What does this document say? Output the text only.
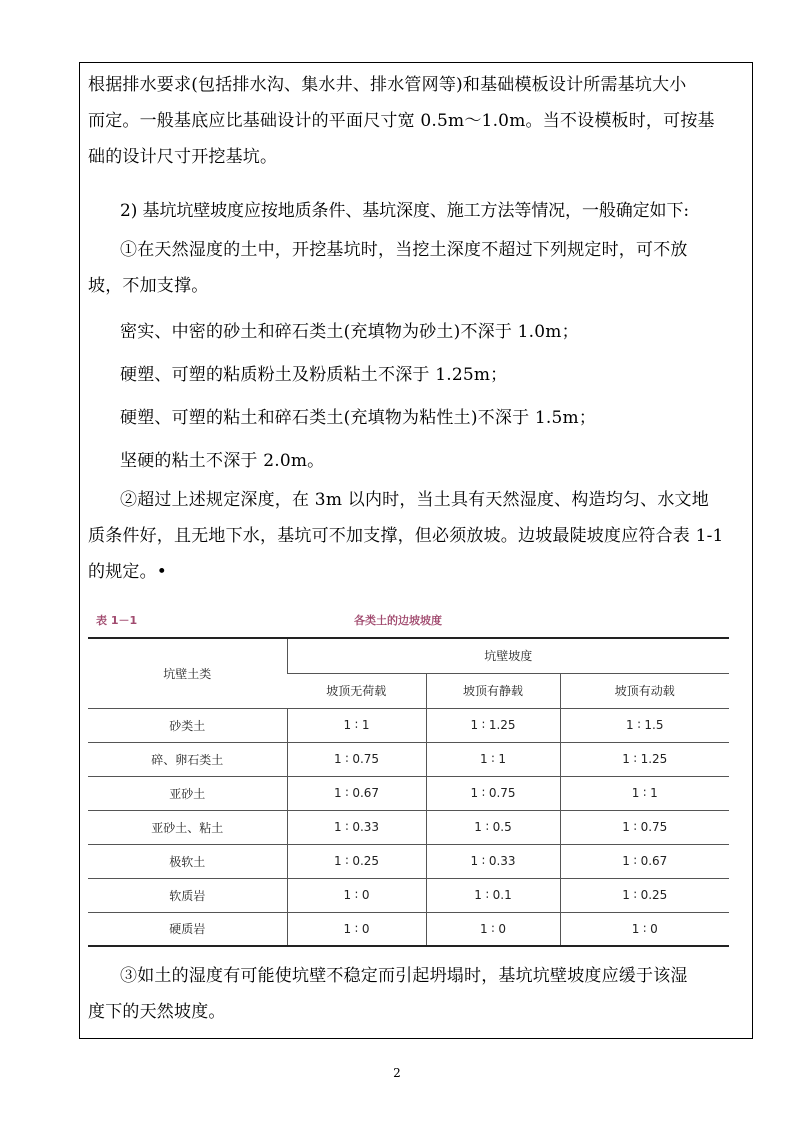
根据排水要求(包括排水沟、集水井、排水管网等)和基础模板设计所需基坑大小
而定。一般基底应比基础设计的平面尺寸宽 0.5m～1.0m。当不设模板时，可按基
础的设计尺寸开挖基坑。
2) 基坑坑壁坡度应按地质条件、基坑深度、施工方法等情况，一般确定如下:
①在天然湿度的土中，开挖基坑时，当挖土深度不超过下列规定时，可不放
坡，不加支撑。
密实、中密的砂土和碎石类土(充填物为砂土)不深于 1.0m；
硬塑、可塑的粘质粉土及粉质粘土不深于 1.25m；
硬塑、可塑的粘土和碎石类土(充填物为粘性土)不深于 1.5m；
坚硬的粘土不深于 2.0m。
②超过上述规定深度，在 3m 以内时，当土具有天然湿度、构造均匀、水文地
质条件好，且无地下水，基坑可不加支撑，但必须放坡。边坡最陡坡度应符合表 1-1
的规定。•
表 1－1	各类土的边坡坡度
坑壁土类	坑壁坡度		
	坡顶无荷载	坡顶有静载	坡顶有动载
砂类土	1 ∶ 1	1 ∶ 1.25	1 ∶ 1.5
碎、卵石类土	1 ∶ 0.75	1 ∶ 1	1 ∶ 1.25
亚砂土	1 ∶ 0.67	1 ∶ 0.75	1 ∶ 1
亚砂土、粘土	1 ∶ 0.33	1 ∶ 0.5	1 ∶ 0.75
极软土	1 ∶ 0.25	1 ∶ 0.33	1 ∶ 0.67
软质岩	1 ∶ 0	1 ∶ 0.1	1 ∶ 0.25
硬质岩	1 ∶ 0	1 ∶ 0	1 ∶ 0
③如土的湿度有可能使坑壁不稳定而引起坍塌时，基坑坑壁坡度应缓于该湿
度下的天然坡度。
2
